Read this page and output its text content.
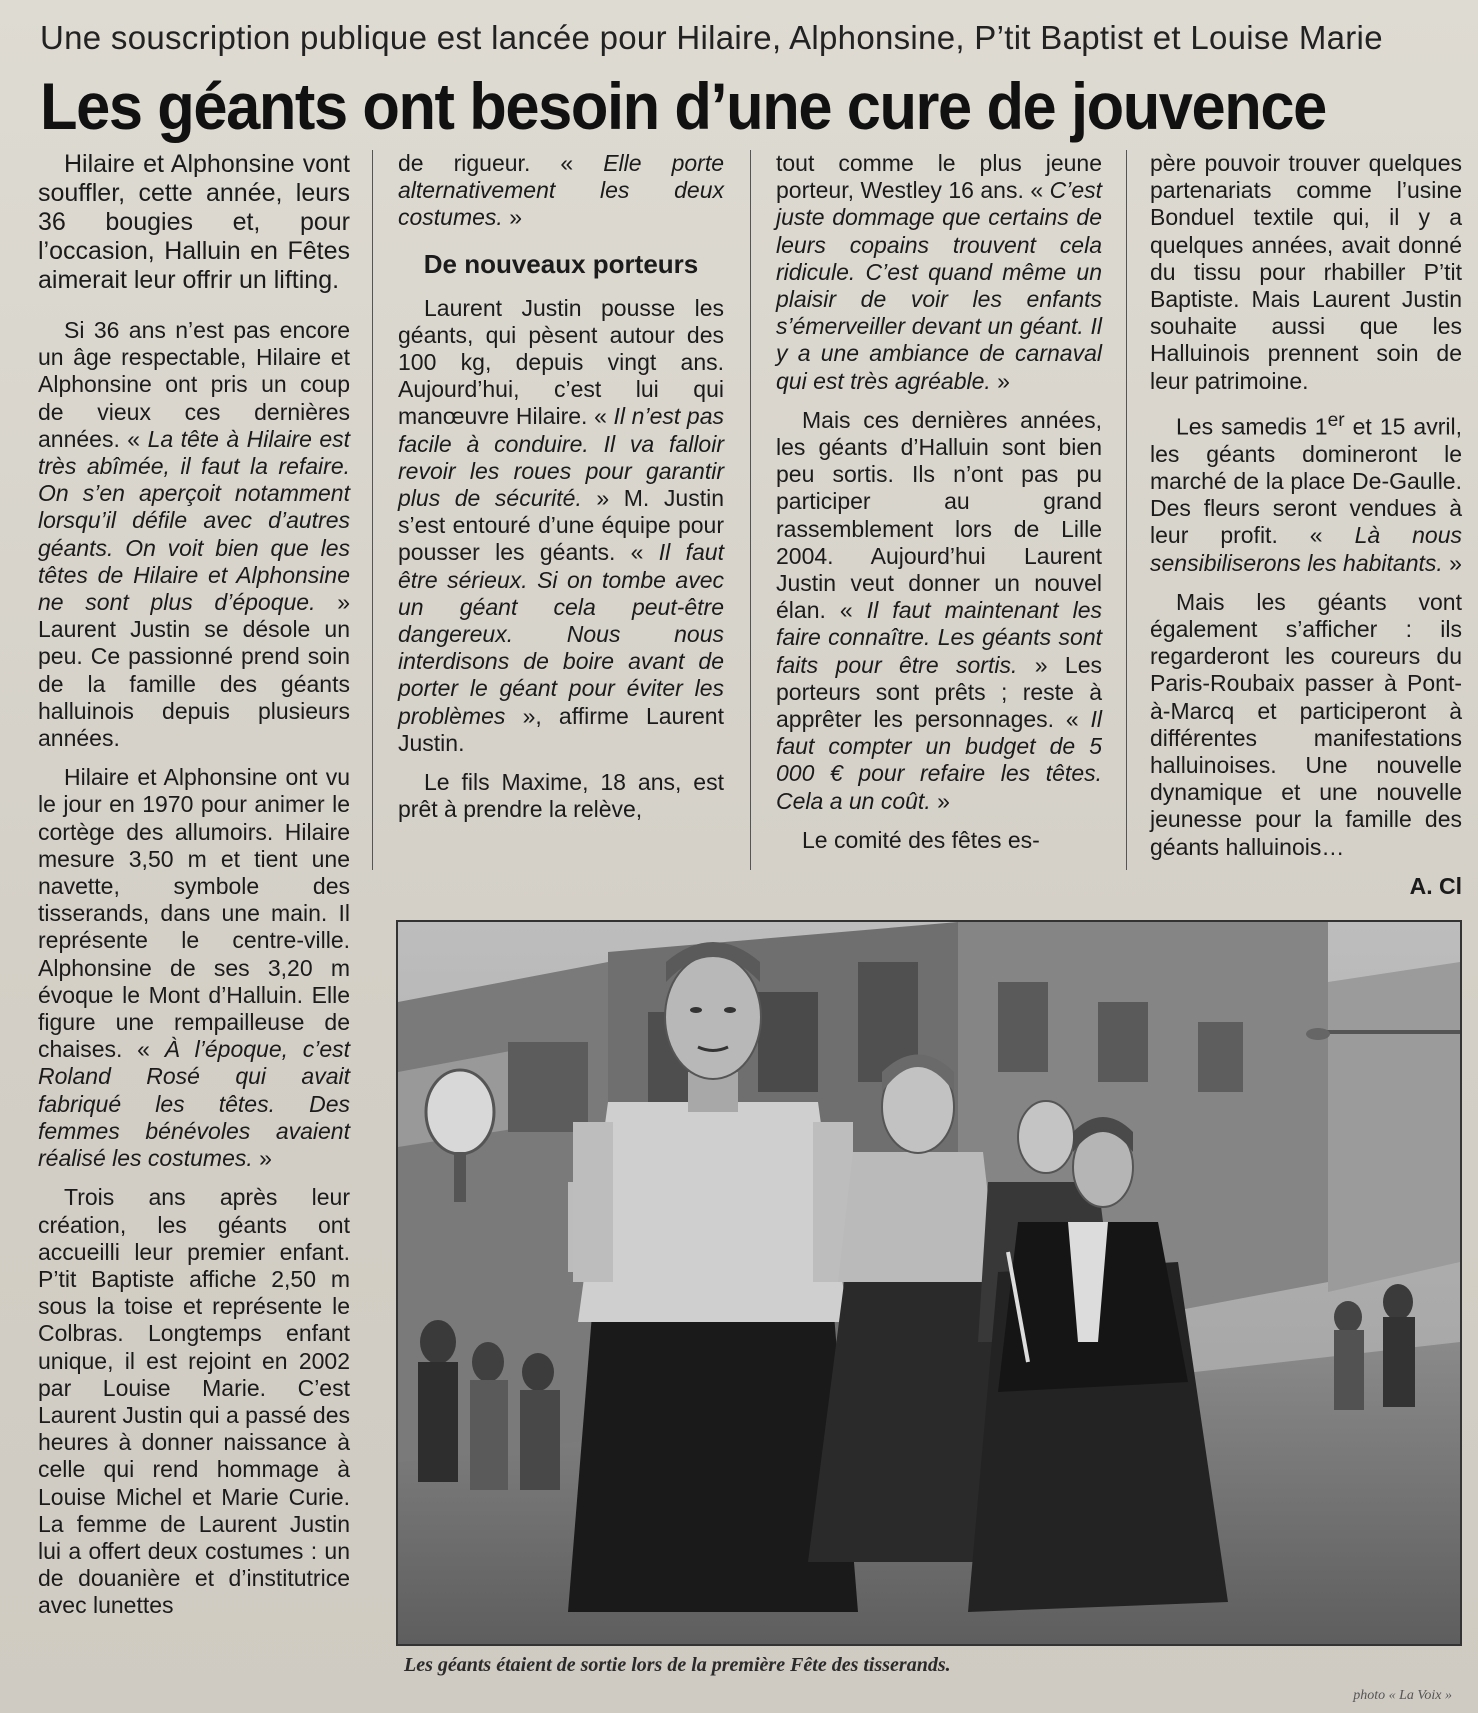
Une souscription publique est lancée pour Hilaire, Alphonsine, P’tit Baptist et Louise Marie
Les géants ont besoin d’une cure de jouvence

Hilaire et Alphonsine vont souffler, cette année, leurs 36 bougies et, pour l’occasion, Halluin en Fêtes aimerait leur offrir un lifting.

Si 36 ans n’est pas encore un âge respectable, Hilaire et Alphonsine ont pris un coup de vieux ces dernières années. « La tête à Hilaire est très abîmée, il faut la refaire. On s’en aperçoit notamment lorsqu’il défile avec d’autres géants. On voit bien que les têtes de Hilaire et Alphonsine ne sont plus d’époque. » Laurent Justin se désole un peu. Ce passionné prend soin de la famille des géants halluinois depuis plusieurs années.

Hilaire et Alphonsine ont vu le jour en 1970 pour animer le cortège des allumoirs. Hilaire mesure 3,50 m et tient une navette, symbole des tisserands, dans une main. Il représente le centre-ville. Alphonsine de ses 3,20 m évoque le Mont d’Halluin. Elle figure une rempailleuse de chaises. « À l’époque, c’est Roland Rosé qui avait fabriqué les têtes. Des femmes bénévoles avaient réalisé les costumes. »

Trois ans après leur création, les géants ont accueilli leur premier enfant. P’tit Baptiste affiche 2,50 m sous la toise et représente le Colbras. Longtemps enfant unique, il est rejoint en 2002 par Louise Marie. C’est Laurent Justin qui a passé des heures à donner naissance à celle qui rend hommage à Louise Michel et Marie Curie. La femme de Laurent Justin lui a offert deux costumes : un de douanière et d’institutrice avec lunettes

de rigueur. « Elle porte alternativement les deux costumes. »

De nouveaux porteurs

Laurent Justin pousse les géants, qui pèsent autour des 100 kg, depuis vingt ans. Aujourd’hui, c’est lui qui manœuvre Hilaire. « Il n’est pas facile à conduire. Il va falloir revoir les roues pour garantir plus de sécurité. » M. Justin s’est entouré d’une équipe pour pousser les géants. « Il faut être sérieux. Si on tombe avec un géant cela peut-être dangereux. Nous nous interdisons de boire avant de porter le géant pour éviter les problèmes », affirme Laurent Justin.

Le fils Maxime, 18 ans, est prêt à prendre la relève,

tout comme le plus jeune porteur, Westley 16 ans. « C’est juste dommage que certains de leurs copains trouvent cela ridicule. C’est quand même un plaisir de voir les enfants s’émerveiller devant un géant. Il y a une ambiance de carnaval qui est très agréable. »

Mais ces dernières années, les géants d’Halluin sont bien peu sortis. Ils n’ont pas pu participer au grand rassemblement lors de Lille 2004. Aujourd’hui Laurent Justin veut donner un nouvel élan. « Il faut maintenant les faire connaître. Les géants sont faits pour être sortis. » Les porteurs sont prêts ; reste à apprêter les personnages. « Il faut compter un budget de 5 000 € pour refaire les têtes. Cela a un coût. »

Le comité des fêtes es-

père pouvoir trouver quelques partenariats comme l’usine Bonduel textile qui, il y a quelques années, avait donné du tissu pour rhabiller P’tit Baptiste. Mais Laurent Justin souhaite aussi que les Halluinois prennent soin de leur patrimoine.

Les samedis 1er et 15 avril, les géants domineront le marché de la place De-Gaulle. Des fleurs seront vendues à leur profit. « Là nous sensibiliserons les habitants. »

Mais les géants vont également s’afficher : ils regarderont les coureurs du Paris-Roubaix passer à Pont-à-Marcq et participeront à différentes manifestations halluinoises. Une nouvelle dynamique et une nouvelle jeunesse pour la famille des géants halluinois…

A. Cl
Les géants étaient de sortie lors de la première Fête des tisserands.
photo « La Voix »
